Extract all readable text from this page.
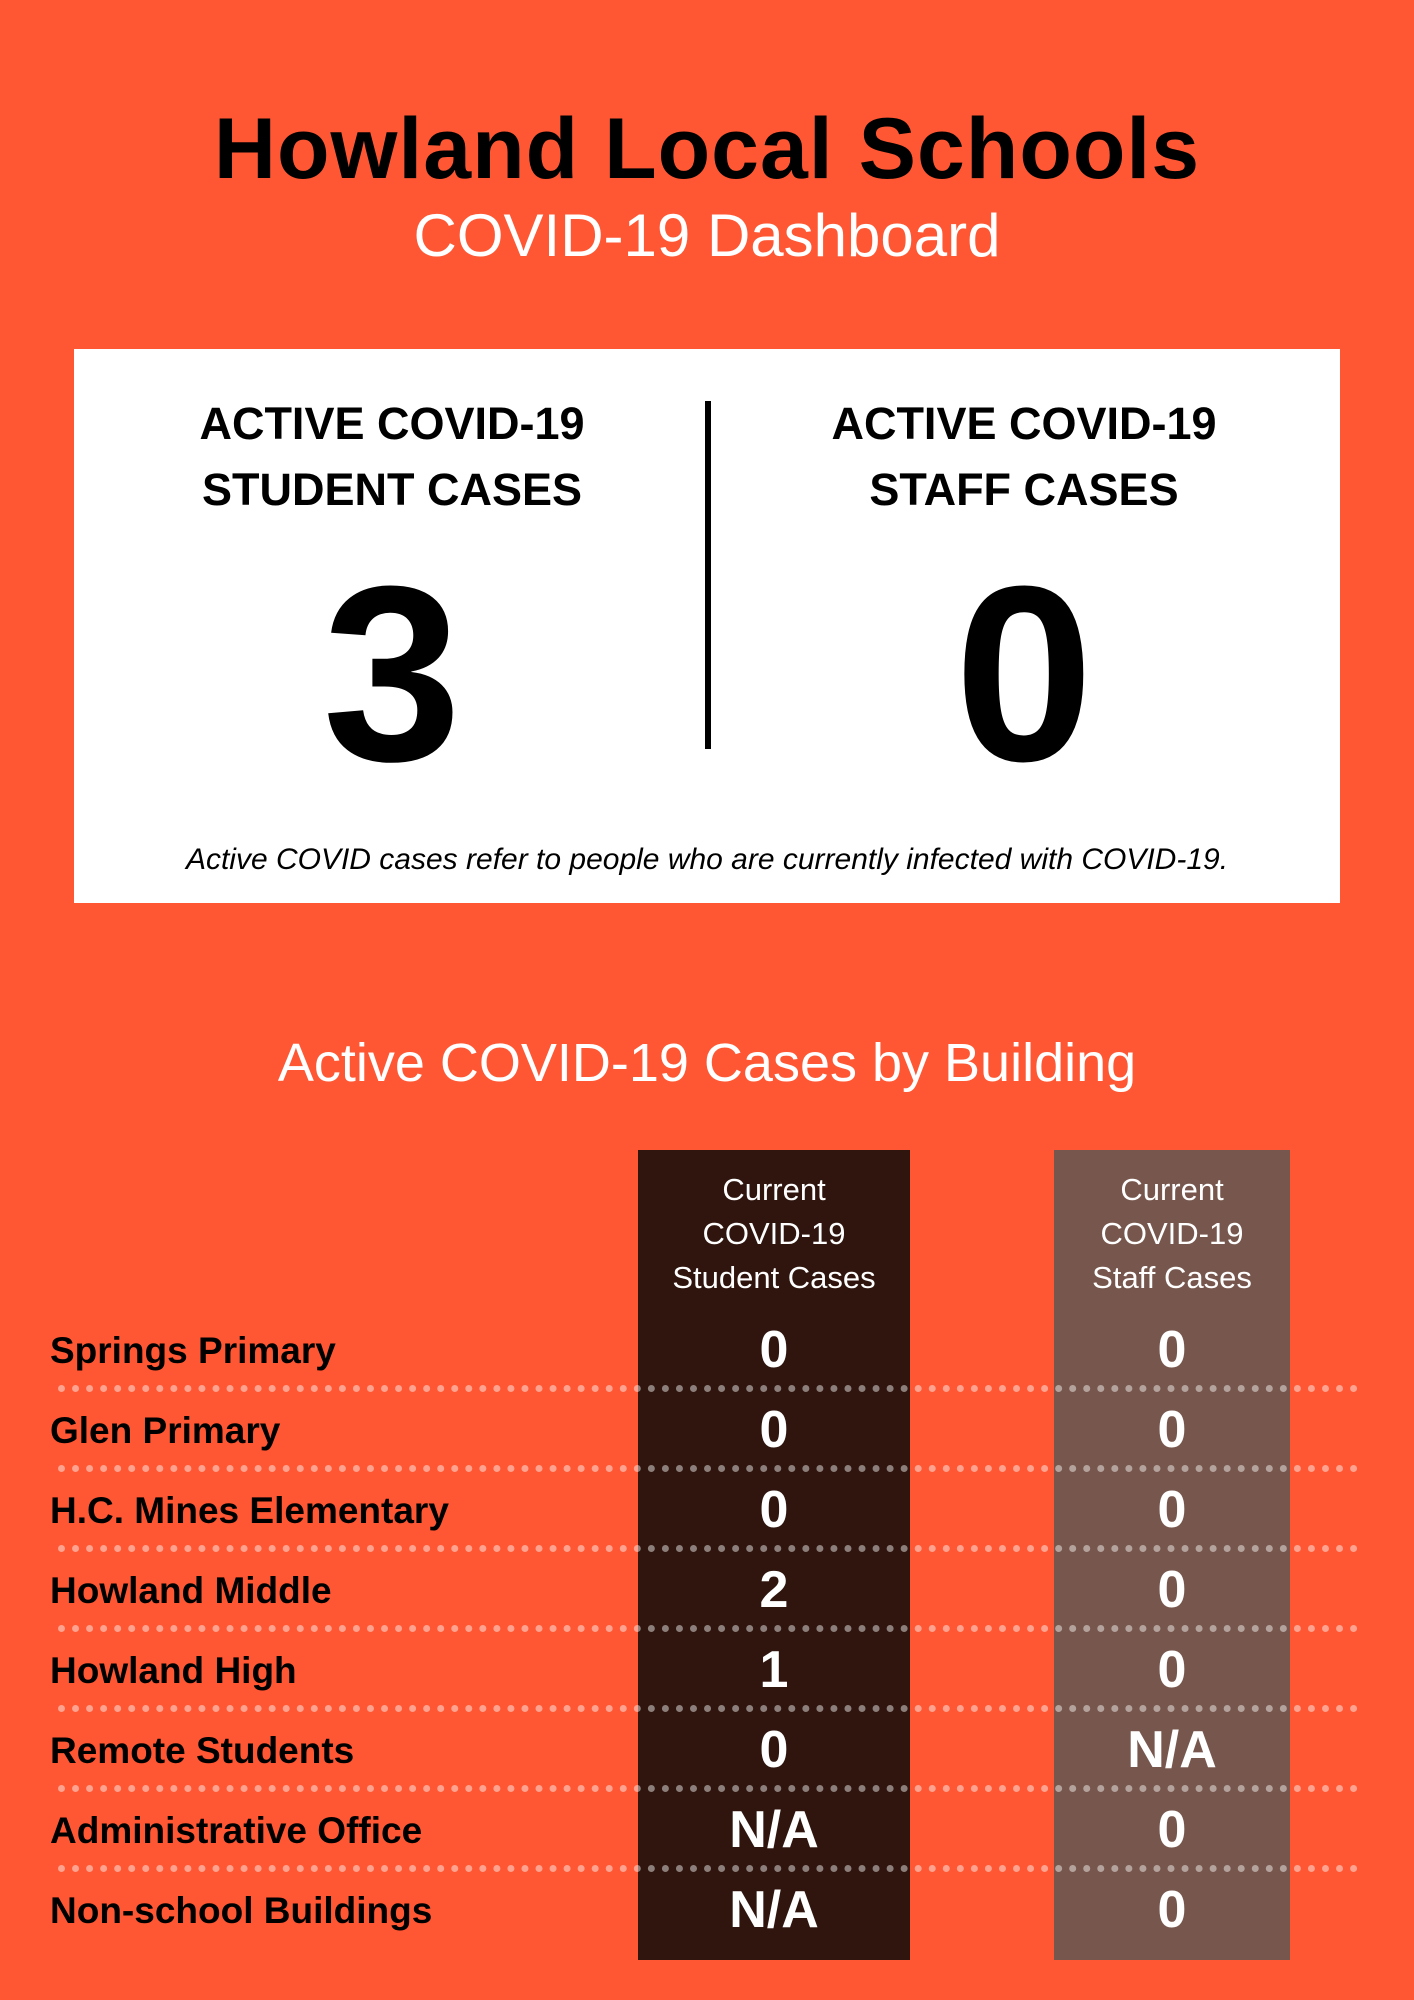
Howland Local Schools
COVID-19 Dashboard
ACTIVE COVID-19
STUDENT CASES
3
ACTIVE COVID-19
STAFF CASES
0
Active COVID cases refer to people who are currently infected with COVID-19.
Active COVID-19 Cases by Building
Current
COVID-19
Student Cases
Current
COVID-19
Staff Cases
Springs Primary	0	0
Glen Primary	0	0
H.C. Mines Elementary	0	0
Howland Middle	2	0
Howland High	1	0
Remote Students	0	N/A
Administrative Office	N/A	0
Non-school Buildings	N/A	0
